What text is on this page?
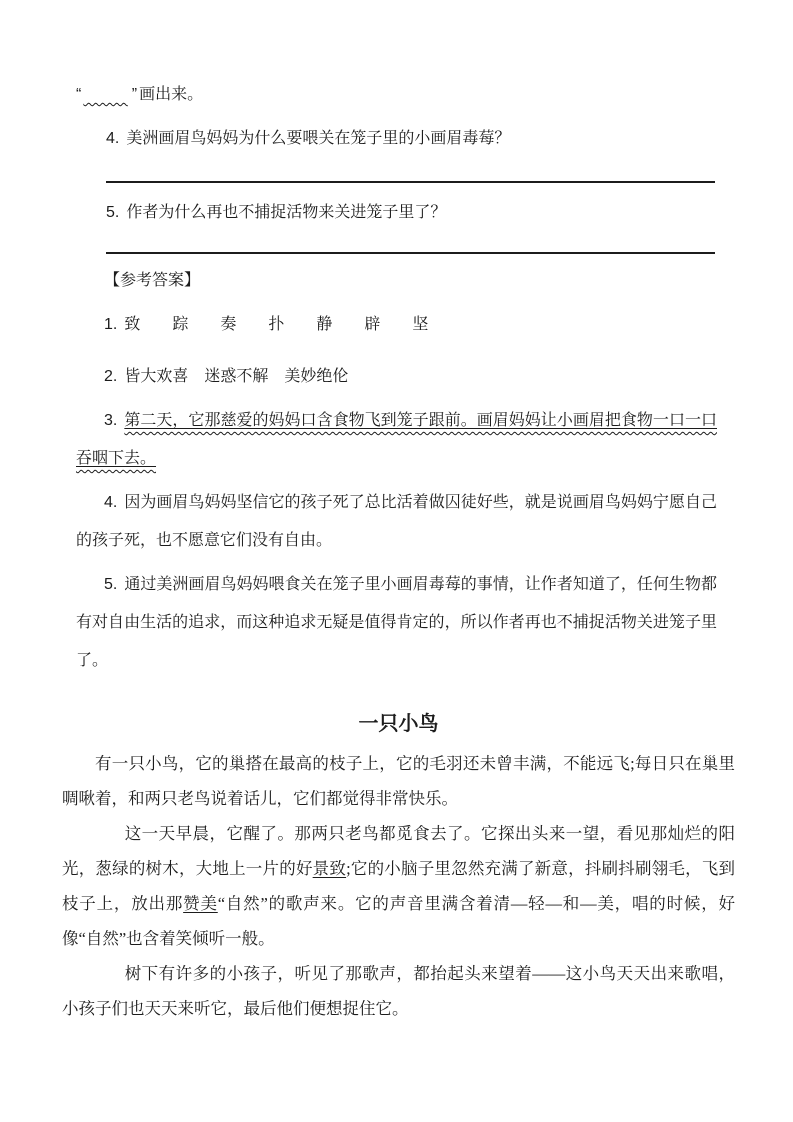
“	” 画出来。

4. 美洲画眉鸟妈妈为什么要喂关在笼子里的小画眉毒莓？

5. 作者为什么再也不捕捉活物来关进笼子里了？

【参考答案】

1. 致　　踪　　奏　　扑　　静　　辟　　坚

2. 皆大欢喜　迷惑不解　美妙绝伦

3. 第二天，它那慈爱的妈妈口含食物飞到笼子跟前。画眉妈妈让小画眉把食物一口一口吞咽下去。

4. 因为画眉鸟妈妈坚信它的孩子死了总比活着做囚徒好些，就是说画眉鸟妈妈宁愿自己的孩子死，也不愿意它们没有自由。

5. 通过美洲画眉鸟妈妈喂食关在笼子里小画眉毒莓的事情，让作者知道了，任何生物都有对自由生活的追求，而这种追求无疑是值得肯定的，所以作者再也不捕捉活物关进笼子里了。

一只小鸟

有一只小鸟，它的巢搭在最高的枝子上，它的毛羽还未曾丰满，不能远飞;每日只在巢里啁啾着，和两只老鸟说着话儿，它们都觉得非常快乐。

这一天早晨，它醒了。那两只老鸟都觅食去了。它探出头来一望，看见那灿烂的阳光，葱绿的树木，大地上一片的好景致;它的小脑子里忽然充满了新意，抖刷抖刷翎毛，飞到枝子上，放出那赞美“自然”的歌声来。它的声音里满含着清—轻—和—美，唱的时候，好像“自然”也含着笑倾听一般。

树下有许多的小孩子，听见了那歌声，都抬起头来望着——这小鸟天天出来歌唱，小孩子们也天天来听它，最后他们便想捉住它。
